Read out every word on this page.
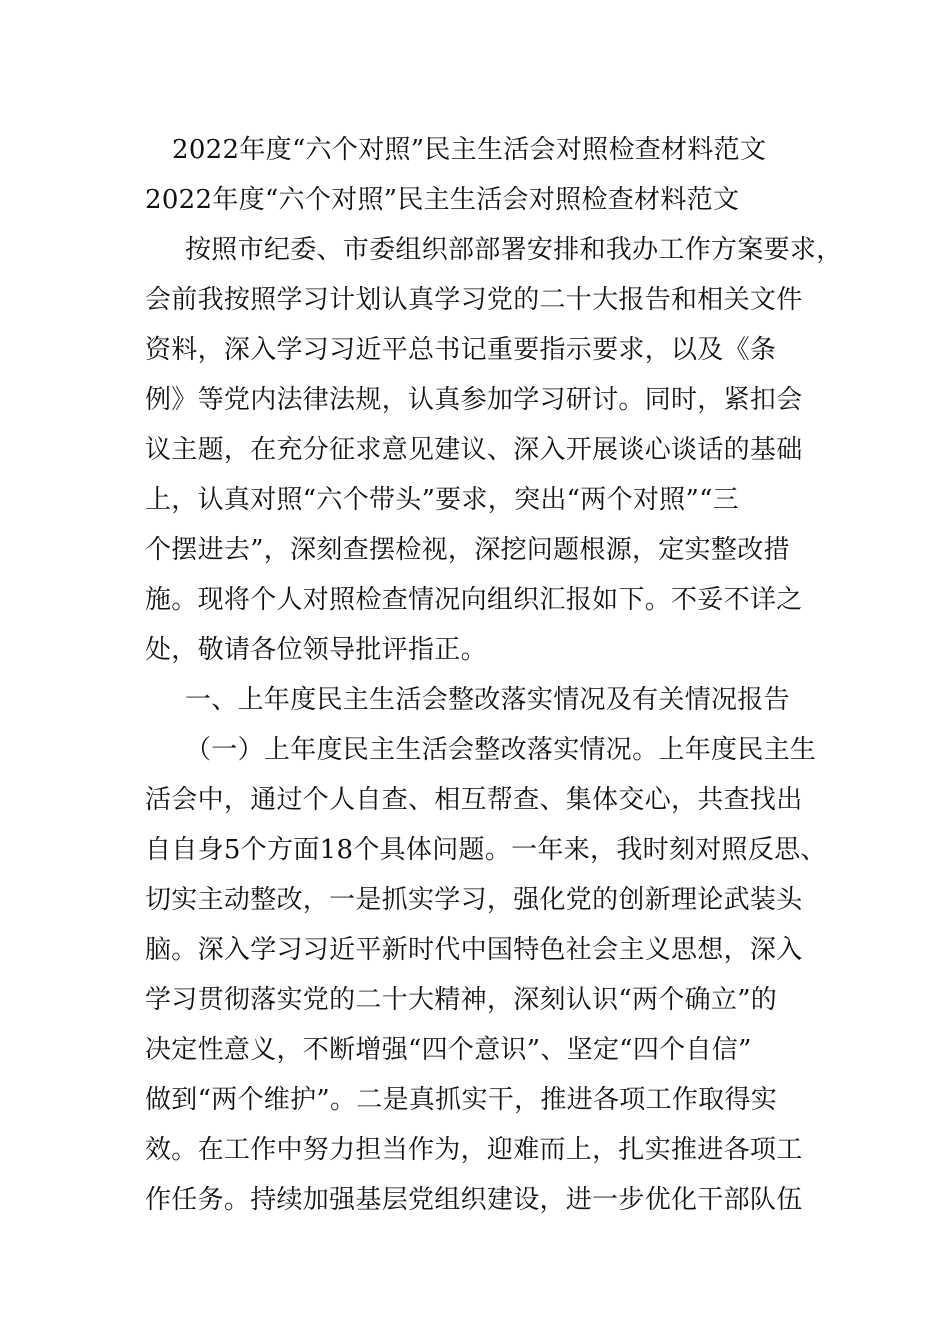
2022年度“六个对照”民主生活会对照检查材料范文
2022年度“六个对照”民主生活会对照检查材料范文
按照市纪委、市委组织部部署安排和我办工作方案要求，
会前我按照学习计划认真学习党的二十大报告和相关文件
资料，深入学习习近平总书记重要指示要求，以及《条
例》等党内法律法规，认真参加学习研讨。同时，紧扣会
议主题，在充分征求意见建议、深入开展谈心谈话的基础
上，认真对照“六个带头”要求，突出“两个对照”“三
个摆进去”，深刻查摆检视，深挖问题根源，定实整改措
施。现将个人对照检查情况向组织汇报如下。不妥不详之
处，敬请各位领导批评指正。
一、上年度民主生活会整改落实情况及有关情况报告
（一）上年度民主生活会整改落实情况。上年度民主生
活会中，通过个人自查、相互帮查、集体交心，共查找出
自自身5个方面18个具体问题。一年来，我时刻对照反思、
切实主动整改，一是抓实学习，强化党的创新理论武装头
脑。深入学习习近平新时代中国特色社会主义思想，深入
学习贯彻落实党的二十大精神，深刻认识“两个确立”的
决定性意义，不断增强“四个意识”、坚定“四个自信”
做到“两个维护”。二是真抓实干，推进各项工作取得实
效。在工作中努力担当作为，迎难而上，扎实推进各项工
作任务。持续加强基层党组织建设，进一步优化干部队伍
